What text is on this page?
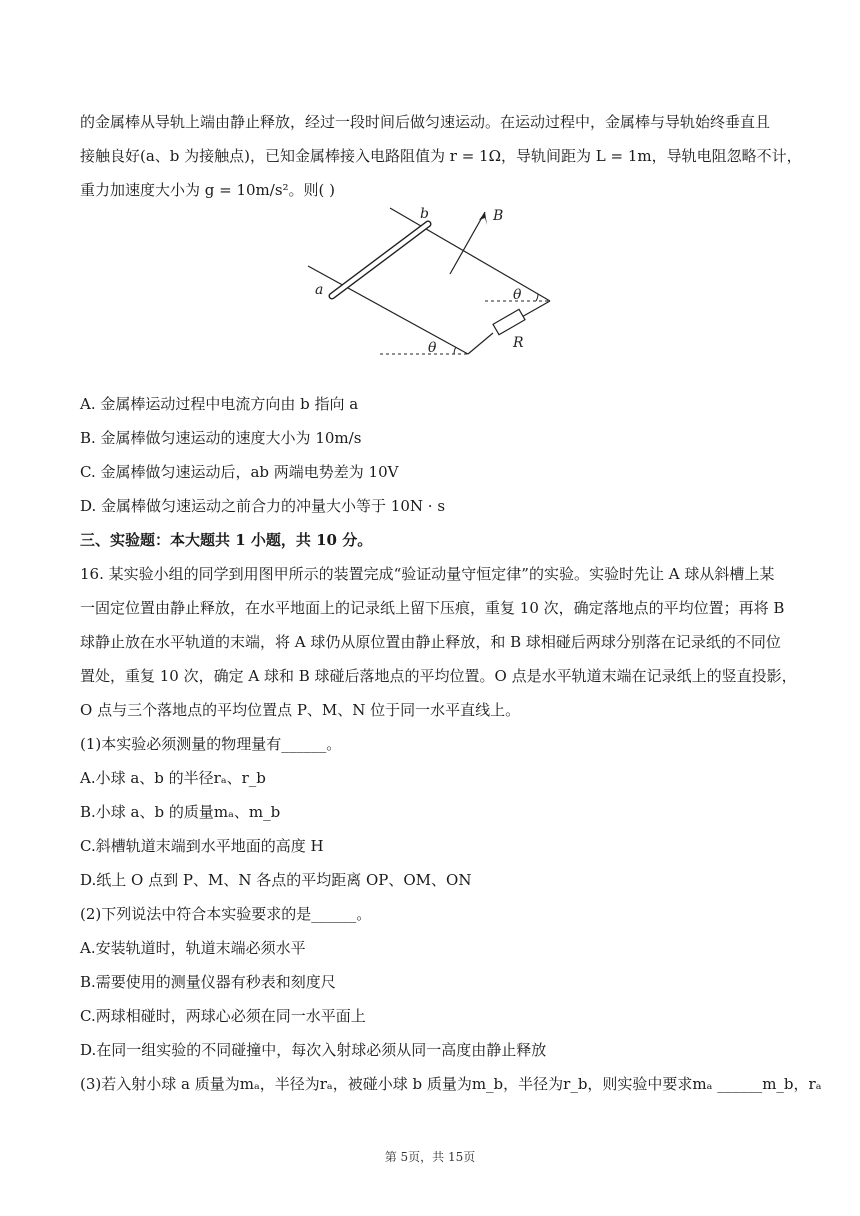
的金属棒从导轨上端由静止释放，经过一段时间后做匀速运动。在运动过程中，金属棒与导轨始终垂直且
接触良好(a、b 为接触点)，已知金属棒接入电路阻值为 r = 1Ω，导轨间距为 L = 1m，导轨电阻忽略不计，
重力加速度大小为 g = 10m/s²。则( )
b
a
B
R
θ
θ
A. 金属棒运动过程中电流方向由 b 指向 a
B. 金属棒做匀速运动的速度大小为 10m/s
C. 金属棒做匀速运动后，ab 两端电势差为 10V
D. 金属棒做匀速运动之前合力的冲量大小等于 10N · s
三、实验题：本大题共 1 小题，共 10 分。
16. 某实验小组的同学到用图甲所示的装置完成“验证动量守恒定律”的实验。实验时先让 A 球从斜槽上某
一固定位置由静止释放，在水平地面上的记录纸上留下压痕，重复 10 次，确定落地点的平均位置；再将 B
球静止放在水平轨道的末端，将 A 球仍从原位置由静止释放，和 B 球相碰后两球分别落在记录纸的不同位
置处，重复 10 次，确定 A 球和 B 球碰后落地点的平均位置。O 点是水平轨道末端在记录纸上的竖直投影，
O 点与三个落地点的平均位置点 P、M、N 位于同一水平直线上。
(1)本实验必须测量的物理量有______。
A.小球 a、b 的半径rₐ、r_b
B.小球 a、b 的质量mₐ、m_b
C.斜槽轨道末端到水平地面的高度 H
D.纸上 O 点到 P、M、N 各点的平均距离 OP、OM、ON
(2)下列说法中符合本实验要求的是______。
A.安装轨道时，轨道末端必须水平
B.需要使用的测量仪器有秒表和刻度尺
C.两球相碰时，两球心必须在同一水平面上
D.在同一组实验的不同碰撞中，每次入射球必须从同一高度由静止释放
(3)若入射小球 a 质量为mₐ，半径为rₐ，被碰小球 b 质量为m_b，半径为r_b，则实验中要求mₐ ______m_b，rₐ
第 5页，共 15页
